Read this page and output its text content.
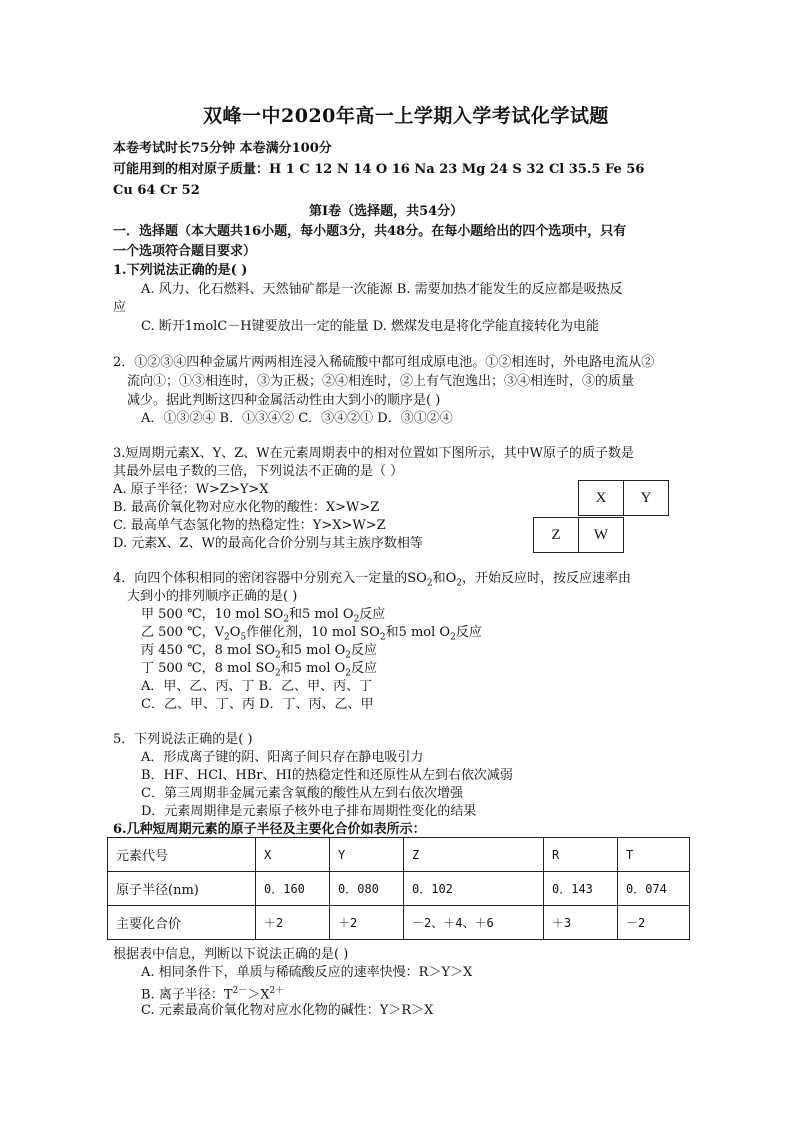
双峰一中2020年高一上学期入学考试化学试题
本卷考试时长75分钟 本卷满分100分
可能用到的相对原子质量：H 1 C 12 N 14 O 16 Na 23 Mg 24 S 32 Cl 35.5 Fe 56
Cu 64 Cr 52
第Ⅰ卷（选择题，共54分）
一．选择题（本大题共16小题，每小题3分，共48分。在每小题给出的四个选项中，只有
一个选项符合题目要求）
1.下列说法正确的是( )
A. 风力、化石燃料、天然铀矿都是一次能源 B. 需要加热才能发生的反应都是吸热反
应
C. 断开1molC－H键要放出一定的能量 D. 燃煤发电是将化学能直接转化为电能
2．①②③④四种金属片两两相连浸入稀硫酸中都可组成原电池。①②相连时，外电路电流从②
流向①；①③相连时，③为正极；②④相连时，②上有气泡逸出；③④相连时，③的质量
减少。据此判断这四种金属活动性由大到小的顺序是( )
A．①③②④ B．①③④② C．③④②① D．③①②④
3.短周期元素X、Y、Z、W在元素周期表中的相对位置如下图所示，其中W原子的质子数是
其最外层电子数的三倍，下列说法不正确的是（ ）
A. 原子半径：W>Z>Y>X
B. 最高价氧化物对应水化物的酸性：X>W>Z
C. 最高单气态氢化物的热稳定性：Y>X>W>Z
D. 元素X、Z、W的最高化合价分别与其主族序数相等
X	Y
Z	W
4．向四个体积相同的密闭容器中分别充入一定量的$SO_2$和$O_2$，开始反应时，按反应速率由
大到小的排列顺序正确的是( )
甲 500 ℃，10 mol $SO_2$和5 mol $O_2$反应
乙 500 ℃，$V_2O_5$作催化剂，10 mol $SO_2$和5 mol $O_2$反应
丙 450 ℃，8 mol $SO_2$和5 mol $O_2$反应
丁 500 ℃，8 mol $SO_2$和5 mol $O_2$反应
A．甲、乙、丙、丁 B．乙、甲、丙、丁
C．乙、甲、丁、丙 D．丁、丙、乙、甲
5．下列说法正确的是( )
A．形成离子键的阴、阳离子间只存在静电吸引力
B．HF、HCl、HBr、HI的热稳定性和还原性从左到右依次减弱
C．第三周期非金属元素含氧酸的酸性从左到右依次增强
D．元素周期律是元素原子核外电子排布周期性变化的结果
6.几种短周期元素的原子半径及主要化合价如表所示：
元素代号	X	Y	Z	R	T
原子半径(nm)	0．160	0．080	0．102	0．143	0．074
主要化合价	＋2	＋2	－2、＋4、＋6	＋3	－2
根据表中信息，判断以下说法正确的是( )
A. 相同条件下，单质与稀硫酸反应的速率快慢：R＞Y＞X
B. 离子半径：$T^{2-}>X^{2+}$
C. 元素最高价氧化物对应水化物的碱性：Y＞R＞X
